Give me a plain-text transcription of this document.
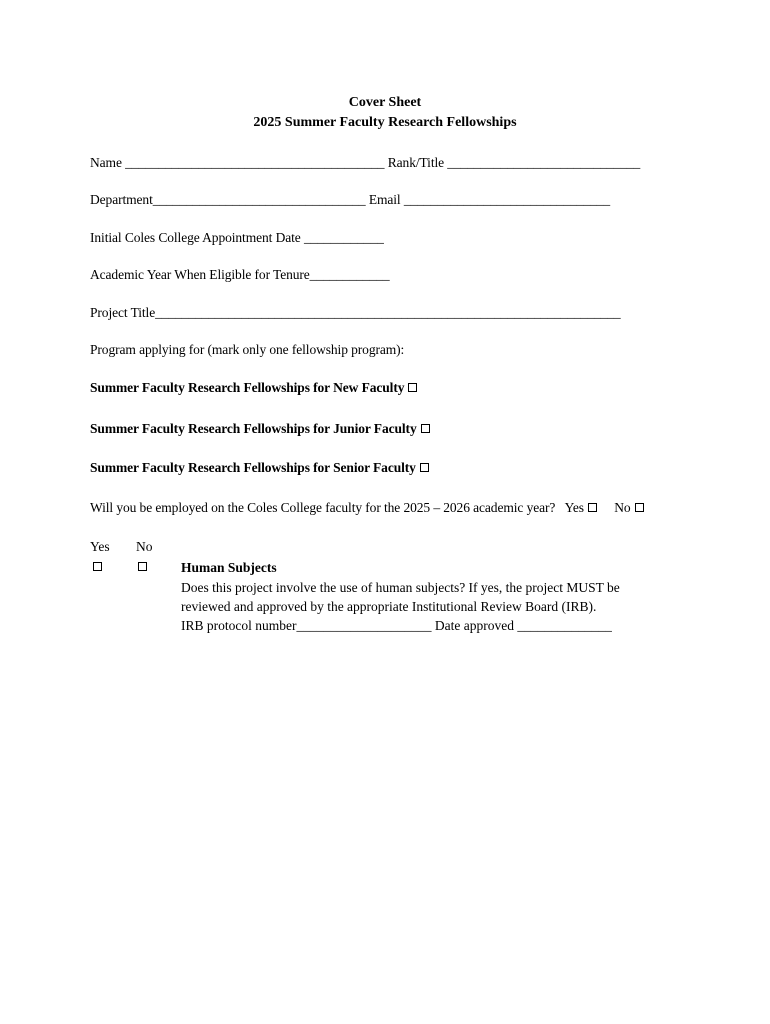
Cover Sheet
2025 Summer Faculty Research Fellowships
Name _______________________________________ Rank/Title _____________________________
Department________________________________ Email _______________________________
Initial Coles College Appointment Date ____________
Academic Year When Eligible for Tenure____________
Project Title______________________________________________________________________
Program applying for (mark only one fellowship program):
Summer Faculty Research Fellowships for New Faculty
Summer Faculty Research Fellowships for Junior Faculty
Summer Faculty Research Fellowships for Senior Faculty
Will you be employed on the Coles College faculty for the 2025 – 2026 academic year? Yes No
Yes No
Human Subjects
Does this project involve the use of human subjects? If yes, the project MUST be
reviewed and approved by the appropriate Institutional Review Board (IRB).
IRB protocol number____________________ Date approved ______________
